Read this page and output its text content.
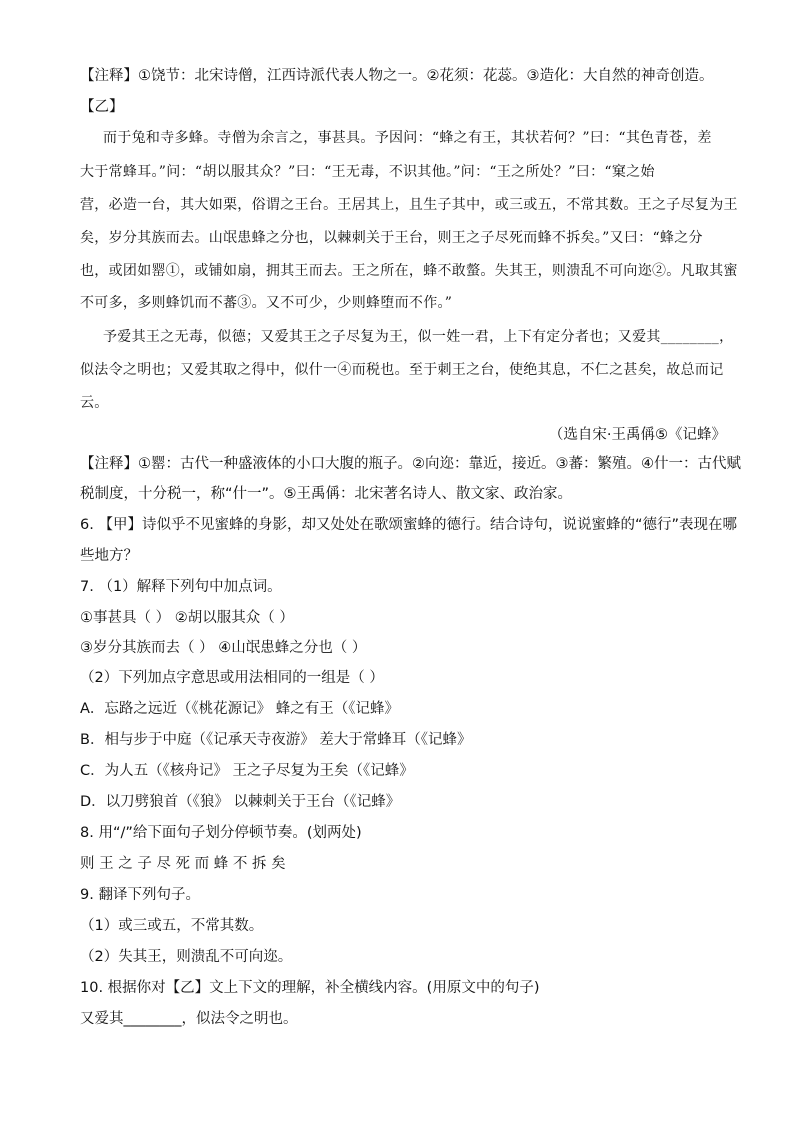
【注释】①饶节：北宋诗僧，江西诗派代表人物之一。②花须：花蕊。③造化：大自然的神奇创造。
【乙】
而于兔和寺多蜂。寺僧为余言之，事甚具。予因问：“蜂之有王，其状若何？”曰：“其色青苍，差
大于常蜂耳。”问：“胡以服其众？”曰：“王无毒，不识其他。”问：“王之所处？”曰：“窠之始
营，必造一台，其大如栗，俗谓之王台。王居其上，且生子其中，或三或五，不常其数。王之子尽复为王
矣，岁分其族而去。山氓患蜂之分也，以棘刺关于王台，则王之子尽死而蜂不拆矣。”又曰：“蜂之分
也，或团如罂①，或铺如扇，拥其王而去。王之所在，蜂不敢螫。失其王，则溃乱不可向迩②。凡取其蜜
不可多，多则蜂饥而不蕃③。又不可少，少则蜂堕而不作。”
予爱其王之无毒，似德；又爱其王之子尽复为王，似一姓一君，上下有定分者也；又爱其________，
似法令之明也；又爱其取之得中，似什一④而税也。至于刺王之台，使绝其息，不仁之甚矣，故总而记
云。
（选自宋·王禹偁⑤《记蜂》
【注释】①罂：古代一种盛液体的小口大腹的瓶子。②向迩：靠近，接近。③蕃：繁殖。④什一：古代赋
税制度，十分税一，称“什一”。⑤王禹偁：北宋著名诗人、散文家、政治家。
6. 【甲】诗似乎不见蜜蜂的身影，却又处处在歌颂蜜蜂的德行。结合诗句，说说蜜蜂的“德行”表现在哪
些地方？
7. （1）解释下列句中加点词。
①事甚具（ ） ②胡以服其众（ ）
③岁分其族而去（ ） ④山氓患蜂之分也（ ）
（2）下列加点字意思或用法相同的一组是（ ）
A．忘路之远近（《桃花源记》 蜂之有王（《记蜂》
B．相与步于中庭（《记承天寺夜游》 差大于常蜂耳（《记蜂》
C．为人五（《核舟记》 王之子尽复为王矣（《记蜂》
D．以刀劈狼首（《狼》 以棘刺关于王台（《记蜂》
8. 用“/”给下面句子划分停顿节奏。(划两处)
则 王 之 子 尽 死 而 蜂 不 拆 矣
9. 翻译下列句子。
（1）或三或五，不常其数。
（2）失其王，则溃乱不可向迩。
10. 根据你对【乙】文上下文的理解，补全横线内容。(用原文中的句子)
又爱其________，似法令之明也。
